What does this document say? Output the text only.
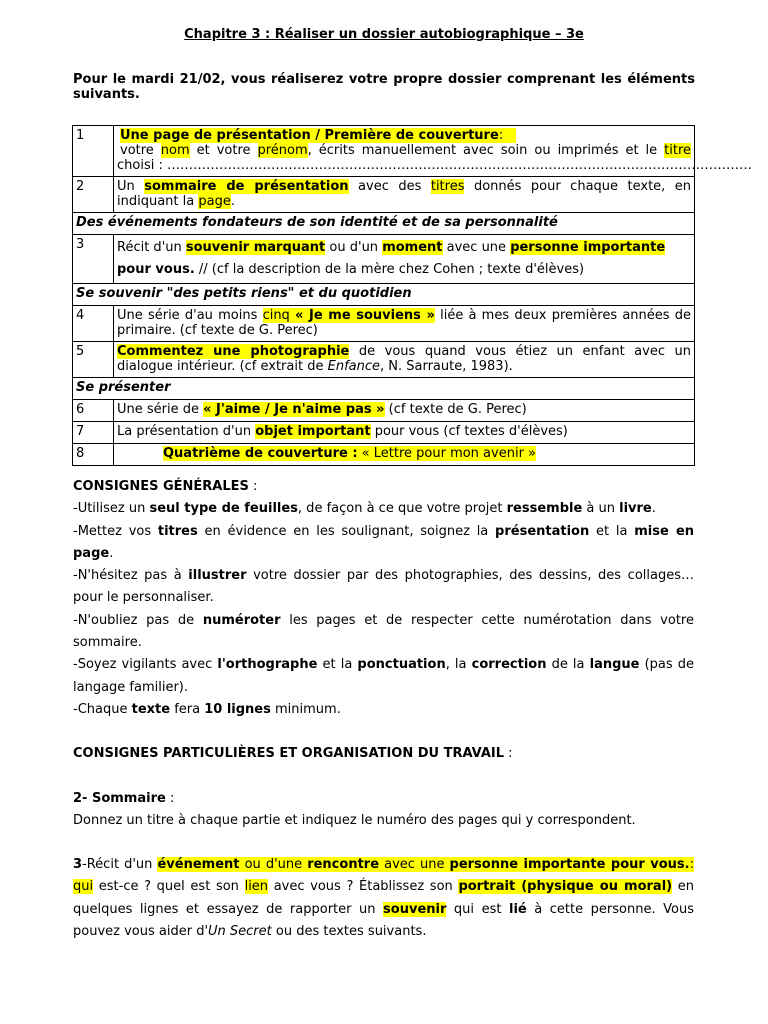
Chapitre 3 : Réaliser un dossier autobiographique – 3e
Pour le mardi 21/02, vous réaliserez votre propre dossier comprenant les éléments suivants.
1	Une page de présentation / Première de couverture:
votre nom et votre prénom, écrits manuellement avec soin ou imprimés et le titre choisi : ………………………………………………………………………………………………………………………
2	Un sommaire de présentation avec des titres donnés pour chaque texte, en indiquant la page.
Des événements fondateurs de son identité et de sa personnalité	
3	Récit d'un souvenir marquant ou d'un moment avec une personne importante
pour vous. // (cf la description de la mère chez Cohen ; texte d'élèves)
Se souvenir "des petits riens" et du quotidien	
4	Une série d'au moins cinq « Je me souviens » liée à mes deux premières années de primaire. (cf texte de G. Perec)
5	Commentez une photographie de vous quand vous étiez un enfant avec un dialogue intérieur. (cf extrait de Enfance, N. Sarraute, 1983).
Se présenter	
6	Une série de « J'aime / Je n'aime pas » (cf texte de G. Perec)
7	La présentation d'un objet important pour vous (cf textes d'élèves)
8	Quatrième de couverture : « Lettre pour mon avenir »

CONSIGNES GÉNÉRALES :

-Utilisez un seul type de feuilles, de façon à ce que votre projet ressemble à un livre.

-Mettez vos titres en évidence en les soulignant, soignez la présentation et la mise en page.

-N'hésitez pas à illustrer votre dossier par des photographies, des dessins, des collages… pour le personnaliser.

-N'oubliez pas de numéroter les pages et de respecter cette numérotation dans votre sommaire.

-Soyez vigilants avec l'orthographe et la ponctuation, la correction de la langue (pas de langage familier).

-Chaque texte fera 10 lignes minimum.

CONSIGNES PARTICULIÈRES ET ORGANISATION DU TRAVAIL :

2- Sommaire :

Donnez un titre à chaque partie et indiquez le numéro des pages qui y correspondent.

3-Récit d'un événement ou d'une rencontre avec une personne importante pour vous.: qui est-ce ? quel est son lien avec vous ? Établissez son portrait (physique ou moral) en quelques lignes et essayez de rapporter un souvenir qui est lié à cette personne. Vous pouvez vous aider d'Un Secret ou des textes suivants.
